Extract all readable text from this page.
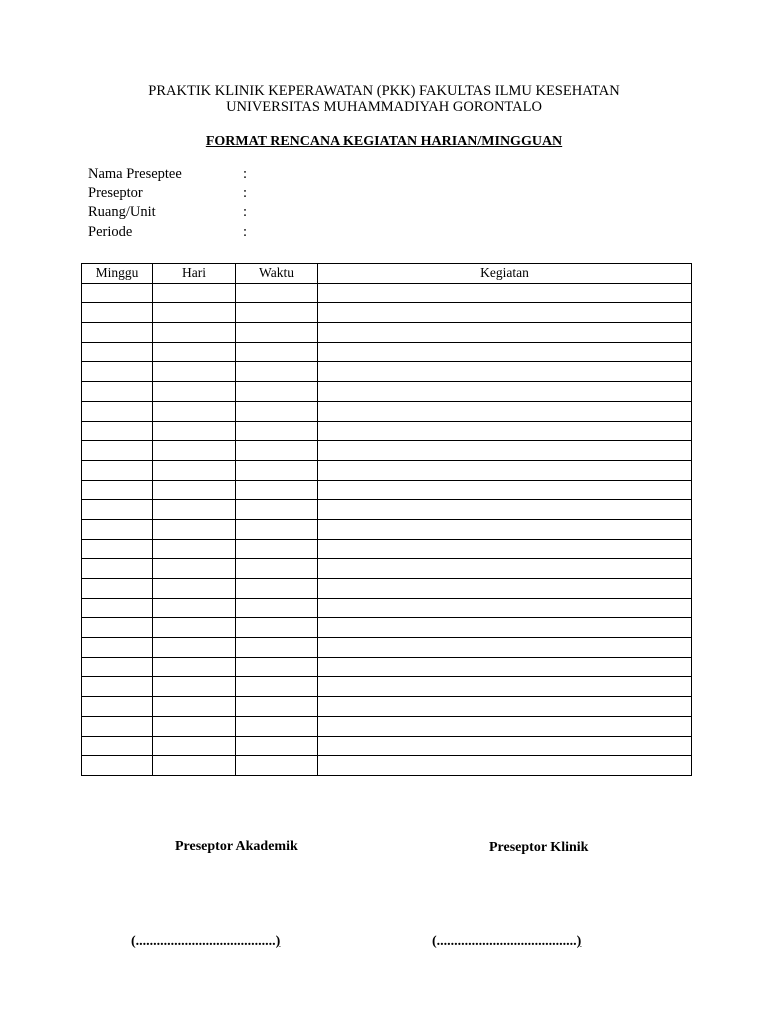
PRAKTIK KLINIK KEPERAWATAN (PKK) FAKULTAS ILMU KESEHATAN
UNIVERSITAS MUHAMMADIYAH GORONTALO
FORMAT RENCANA KEGIATAN HARIAN/MINGGUAN
Nama Preseptee	:
Preseptor	:
Ruang/Unit	:
Periode	:
Minggu	Hari	Waktu	Kegiatan

Preseptor Akademik	Preseptor Klinik
(........................................)	(........................................)
